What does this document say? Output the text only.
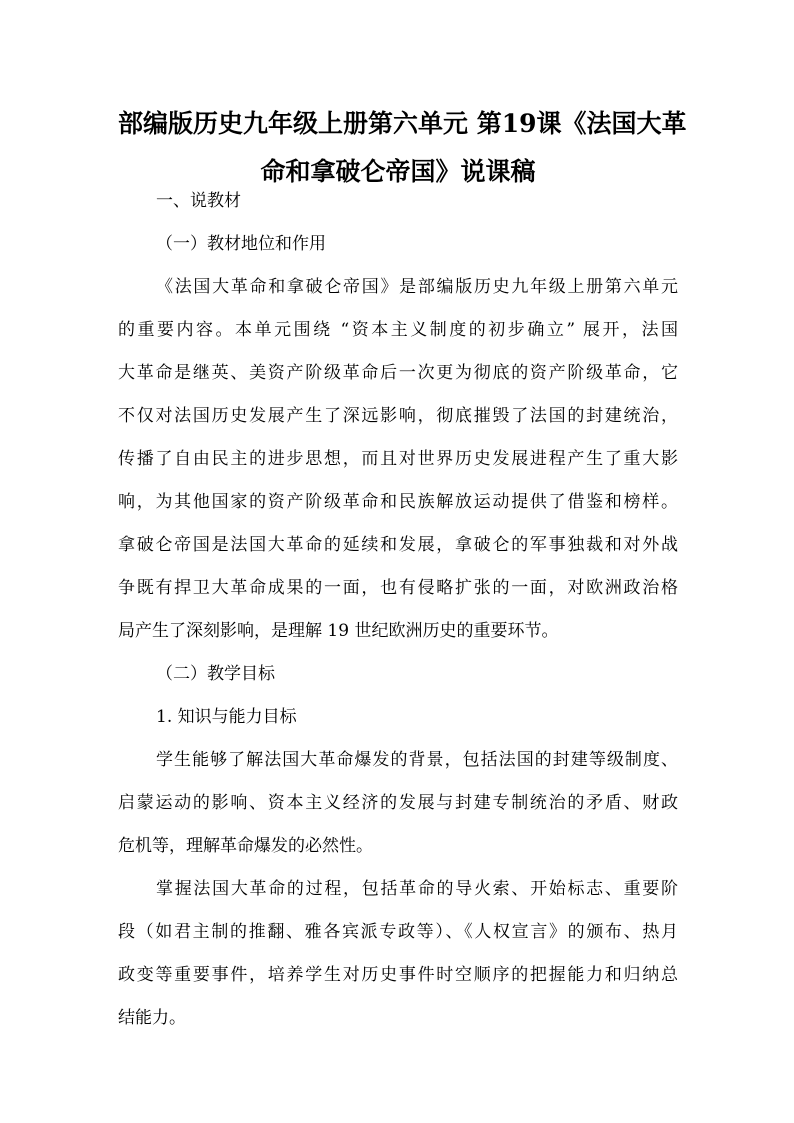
部编版历史九年级上册第六单元 第19课《法国大革
命和拿破仑帝国》说课稿

一、说教材

（一）教材地位和作用

《法国大革命和拿破仑帝国》是部编版历史九年级上册第六单元
的重要内容。本单元围绕 “资本主义制度的初步确立” 展开，法国
大革命是继英、美资产阶级革命后一次更为彻底的资产阶级革命，它
不仅对法国历史发展产生了深远影响，彻底摧毁了法国的封建统治，
传播了自由民主的进步思想，而且对世界历史发展进程产生了重大影
响，为其他国家的资产阶级革命和民族解放运动提供了借鉴和榜样。
拿破仑帝国是法国大革命的延续和发展，拿破仑的军事独裁和对外战
争既有捍卫大革命成果的一面，也有侵略扩张的一面，对欧洲政治格
局产生了深刻影响，是理解 19 世纪欧洲历史的重要环节。

（二）教学目标

1. 知识与能力目标

学生能够了解法国大革命爆发的背景，包括法国的封建等级制度、
启蒙运动的影响、资本主义经济的发展与封建专制统治的矛盾、财政
危机等，理解革命爆发的必然性。

掌握法国大革命的过程，包括革命的导火索、开始标志、重要阶
段（如君主制的推翻、雅各宾派专政等）、《人权宣言》的颁布、热月
政变等重要事件，培养学生对历史事件时空顺序的把握能力和归纳总
结能力。
